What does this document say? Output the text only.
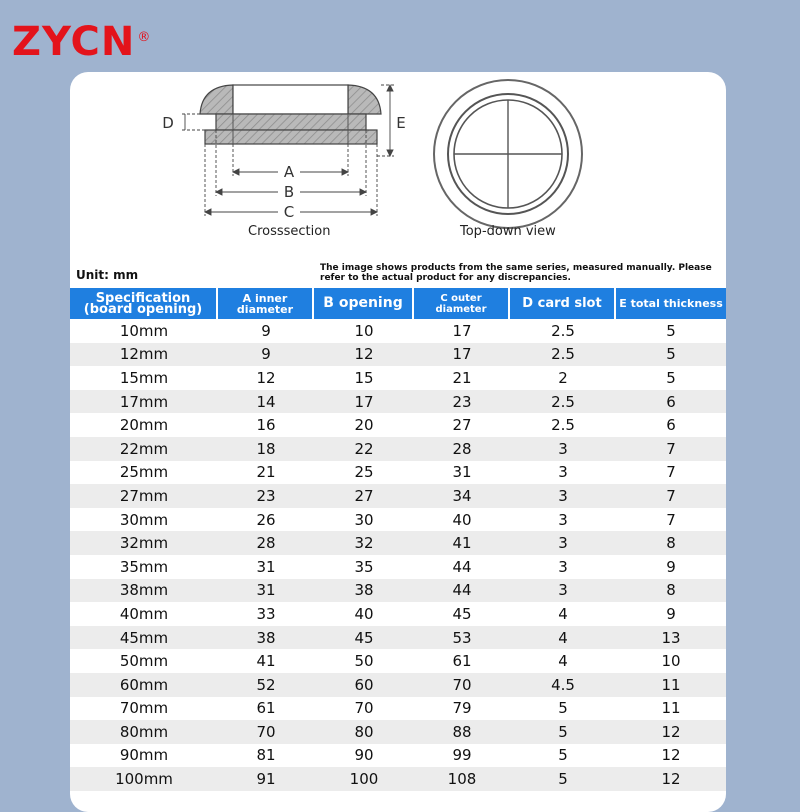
ZYCN ®
A
B
C
D	E
Crosssection	Top-down view
Unit: mm	The image shows products from the same series, measured manually. Please refer to the actual product for any discrepancies.
Specification (board opening)	A inner diameter	B opening	C outer diameter	D card slot	E total thickness
10mm	9	10	17	2.5	5
12mm	9	12	17	2.5	5
15mm	12	15	21	2	5
17mm	14	17	23	2.5	6
20mm	16	20	27	2.5	6
22mm	18	22	28	3	7
25mm	21	25	31	3	7
27mm	23	27	34	3	7
30mm	26	30	40	3	7
32mm	28	32	41	3	8
35mm	31	35	44	3	9
38mm	31	38	44	3	8
40mm	33	40	45	4	9
45mm	38	45	53	4	13
50mm	41	50	61	4	10
60mm	52	60	70	4.5	11
70mm	61	70	79	5	11
80mm	70	80	88	5	12
90mm	81	90	99	5	12
100mm	91	100	108	5	12
